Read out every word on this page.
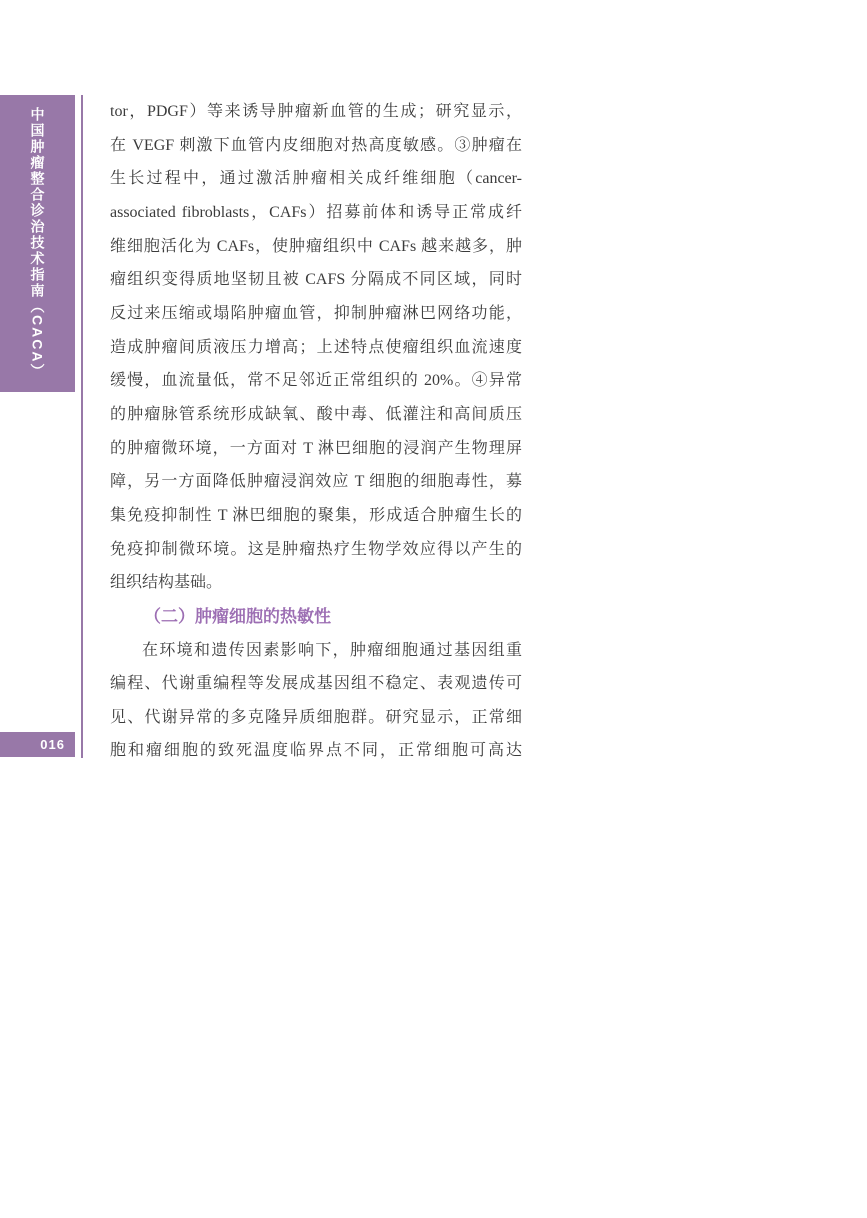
中国肿瘤整合诊治技术指南（CACA）
016
tor，PDGF）等来诱导肿瘤新血管的生成；研究显示，
在 VEGF 刺激下血管内皮细胞对热高度敏感。③肿瘤在
生长过程中，通过激活肿瘤相关成纤维细胞（cancer-
associated fibroblasts，CAFs）招募前体和诱导正常成纤
维细胞活化为 CAFs，使肿瘤组织中 CAFs 越来越多，肿
瘤组织变得质地坚韧且被 CAFS 分隔成不同区域，同时
反过来压缩或塌陷肿瘤血管，抑制肿瘤淋巴网络功能，
造成肿瘤间质液压力增高；上述特点使瘤组织血流速度
缓慢，血流量低，常不足邻近正常组织的 20%。④异常
的肿瘤脉管系统形成缺氧、酸中毒、低灌注和高间质压
的肿瘤微环境，一方面对 T 淋巴细胞的浸润产生物理屏
障，另一方面降低肿瘤浸润效应 T 细胞的细胞毒性，募
集免疫抑制性 T 淋巴细胞的聚集，形成适合肿瘤生长的
免疫抑制微环境。这是肿瘤热疗生物学效应得以产生的
组织结构基础。
（二）肿瘤细胞的热敏性
在环境和遗传因素影响下，肿瘤细胞通过基因组重
编程、代谢重编程等发展成基因组不稳定、表观遗传可
见、代谢异常的多克隆异质细胞群。研究显示，正常细
胞和瘤细胞的致死温度临界点不同，正常细胞可高达
